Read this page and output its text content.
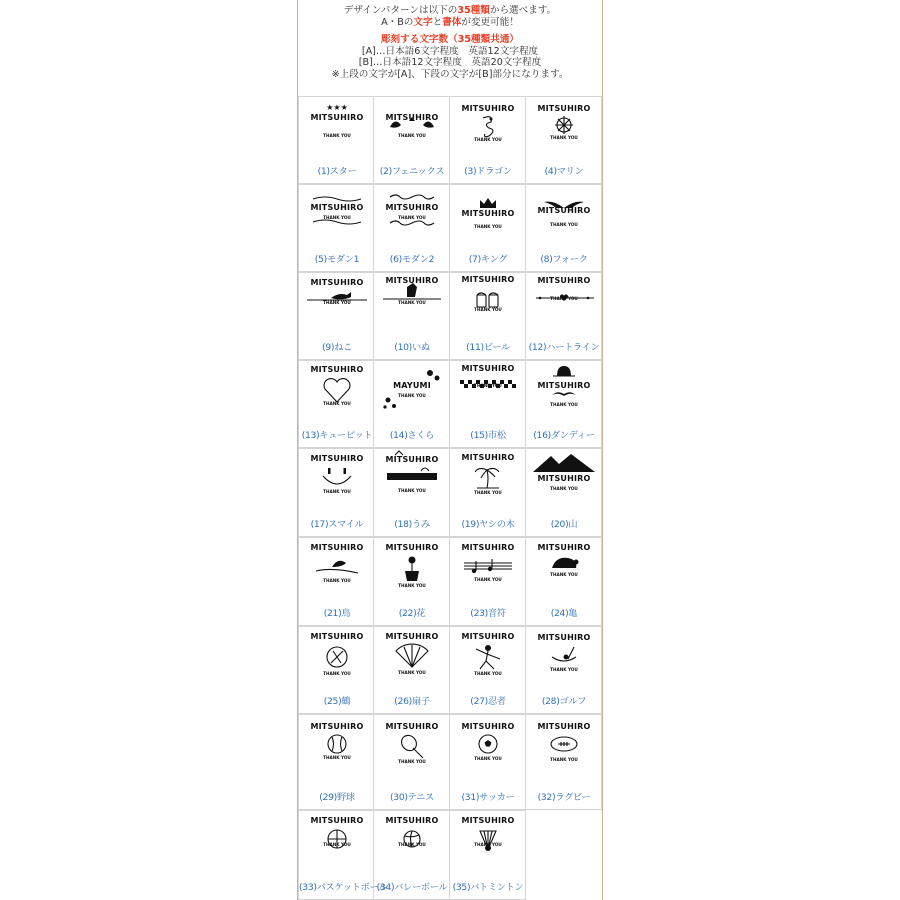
デザインパターンは以下の35種類から選べます。
A・Bの文字と書体が変更可能！
彫刻する文字数（35種類共通）
[A]…日本語6文字程度　英語12文字程度
[B]…日本語12文字程度　英語20文字程度
※上段の文字が[A]、下段の文字が[B]部分になります。
★★★
MITSUHIRO
THANK YOU
(1)スター
MITSUHIRO
THANK YOU
(2)フェニックス
MITSUHIRO
THANK YOU
(3)ドラゴン
MITSUHIRO
THANK YOU
(4)マリン
MITSUHIRO
THANK YOU
(5)モダン1
MITSUHIRO
THANK YOU
(6)モダン2
MITSUHIRO
THANK YOU
(7)キング
MITSUHIRO
THANK YOU
(8)フォーク
MITSUHIRO
THANK YOU
(9)ねこ
MITSUHIRO
THANK YOU
(10)いぬ
MITSUHIRO
THANK YOU
(11)ビール
MITSUHIRO
THANK YOU
(12)ハートライン
MITSUHIRO
THANK YOU
(13)キューピット
MAYUMI
THANK YOU
(14)さくら
MITSUHIRO
THANK YOU
(15)市松
MITSUHIRO
THANK YOU
(16)ダンディー
MITSUHIRO
THANK YOU
(17)スマイル
MITSUHIRO
THANK YOU
(18)うみ
MITSUHIRO
THANK YOU
(19)ヤシの木
MITSUHIRO
THANK YOU
(20)山
MITSUHIRO
THANK YOU
(21)鳥
MITSUHIRO
THANK YOU
(22)花
MITSUHIRO
THANK YOU
(23)音符
MITSUHIRO
THANK YOU
(24)亀
MITSUHIRO
THANK YOU
(25)鶴
MITSUHIRO
THANK YOU
(26)扇子
MITSUHIRO
THANK YOU
(27)忍者
MITSUHIRO
THANK YOU
(28)ゴルフ
MITSUHIRO
THANK YOU
(29)野球
MITSUHIRO
THANK YOU
(30)テニス
MITSUHIRO
THANK YOU
(31)サッカー
MITSUHIRO
THANK YOU
(32)ラグビー
MITSUHIRO
THANK YOU
(33)バスケットボール
MITSUHIRO
THANK YOU
(34)バレーボール
MITSUHIRO
THANK YOU
(35)バトミントン
